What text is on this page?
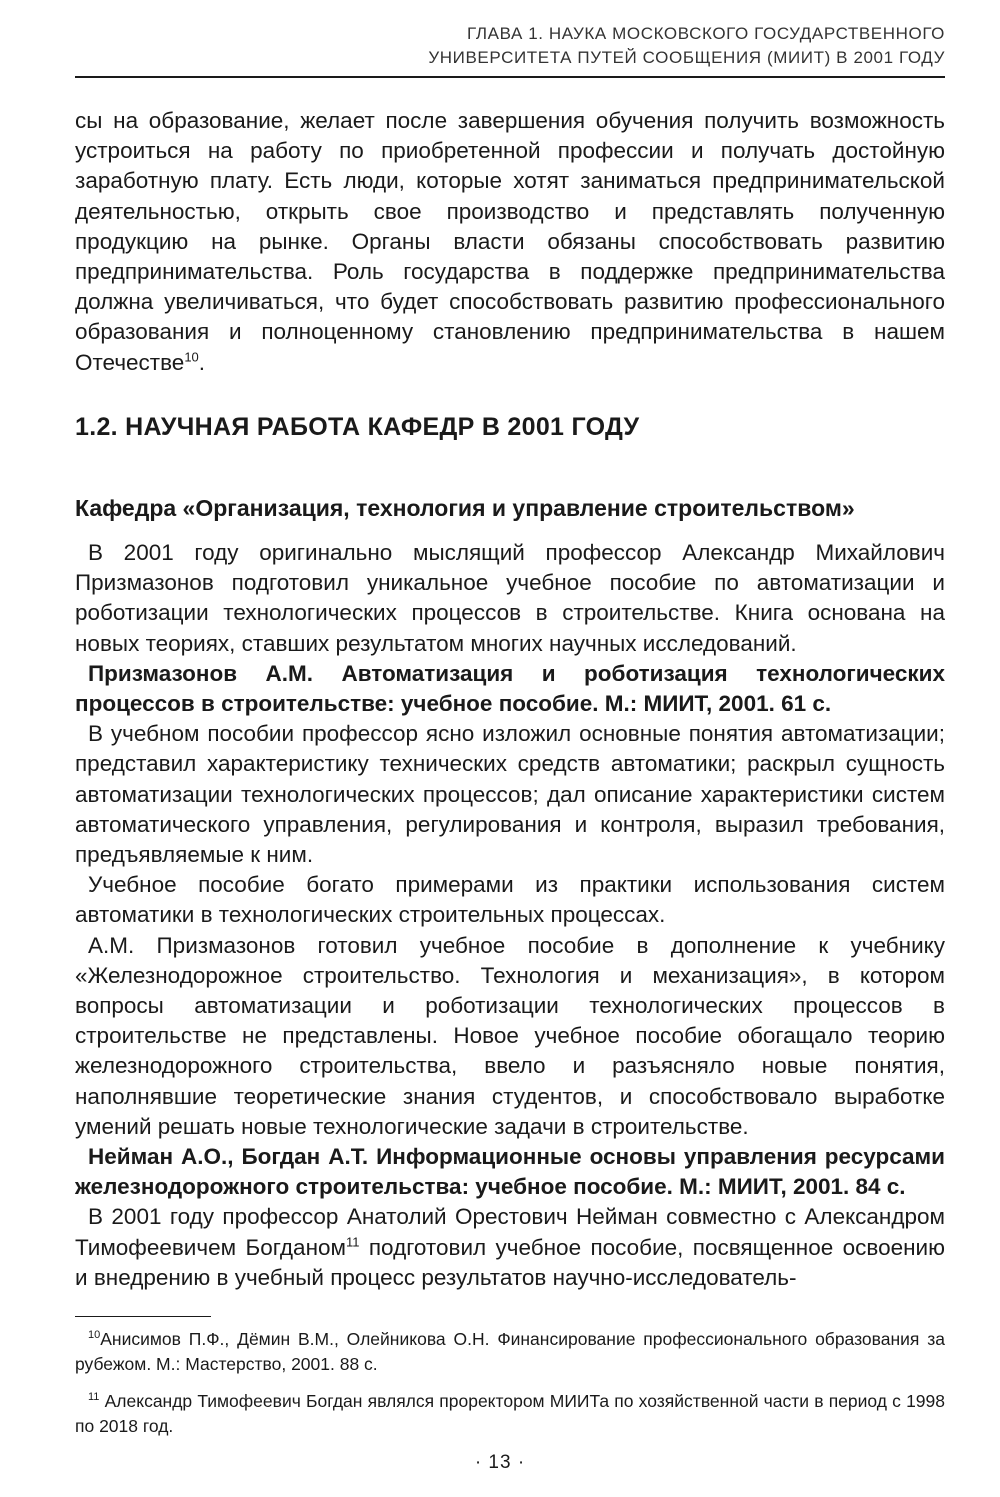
ГЛАВА 1. НАУКА МОСКОВСКОГО ГОСУДАРСТВЕННОГО
УНИВЕРСИТЕТА ПУТЕЙ СООБЩЕНИЯ (МИИТ) В 2001 ГОДУ

сы на образование, желает после завершения обучения получить возможность устроиться на работу по приобретенной профессии и получать достойную заработную плату. Есть люди, которые хотят заниматься предпринимательской деятельностью, открыть свое производство и представлять полученную продукцию на рынке. Органы власти обязаны способствовать развитию предпринимательства. Роль государства в поддержке предпринимательства должна увеличиваться, что будет способствовать развитию профессионального образования и полноценному становлению предпринимательства в нашем Отечестве$^{10}$.

1.2. НАУЧНАЯ РАБОТА КАФЕДР В 2001 ГОДУ
Кафедра «Организация, технология и управление строительством»

В 2001 году оригинально мыслящий профессор Александр Михайлович Призмазонов подготовил уникальное учебное пособие по автоматизации и роботизации технологических процессов в строительстве. Книга основана на новых теориях, ставших результатом многих научных исследований.

Призмазонов А.М. Автоматизация и роботизация технологических процессов в строительстве: учебное пособие. М.: МИИТ, 2001. 61 с.

В учебном пособии профессор ясно изложил основные понятия автоматизации; представил характеристику технических средств автоматики; раскрыл сущность автоматизации технологических процессов; дал описание характеристики систем автоматического управления, регулирования и контроля, выразил требования, предъявляемые к ним.

Учебное пособие богато примерами из практики использования систем автоматики в технологических строительных процессах.

А.М. Призмазонов готовил учебное пособие в дополнение к учебнику «Железнодорожное строительство. Технология и механизация», в котором вопросы автоматизации и роботизации технологических процессов в строительстве не представлены. Новое учебное пособие обогащало теорию железнодорожного строительства, ввело и разъясняло новые понятия, наполнявшие теоретические знания студентов, и способствовало выработке умений решать новые технологические задачи в строительстве.

Нейман А.О., Богдан А.Т. Информационные основы управления ресурсами железнодорожного строительства: учебное пособие. М.: МИИТ, 2001. 84 с.

В 2001 году профессор Анатолий Орестович Нейман совместно с Александром Тимофеевичем Богданом$^{11}$ подготовил учебное пособие, посвященное освоению и внедрению в учебный процесс результатов научно-исследователь-

$^{10}$Анисимов П.Ф., Дёмин В.М., Олейникова О.Н. Финансирование профессионального образования за рубежом. М.: Мастерство, 2001. 88 с.

$^{11}$ Александр Тимофеевич Богдан являлся проректором МИИТа по хозяйственной части в период с 1998 по 2018 год.

· 13 ·
